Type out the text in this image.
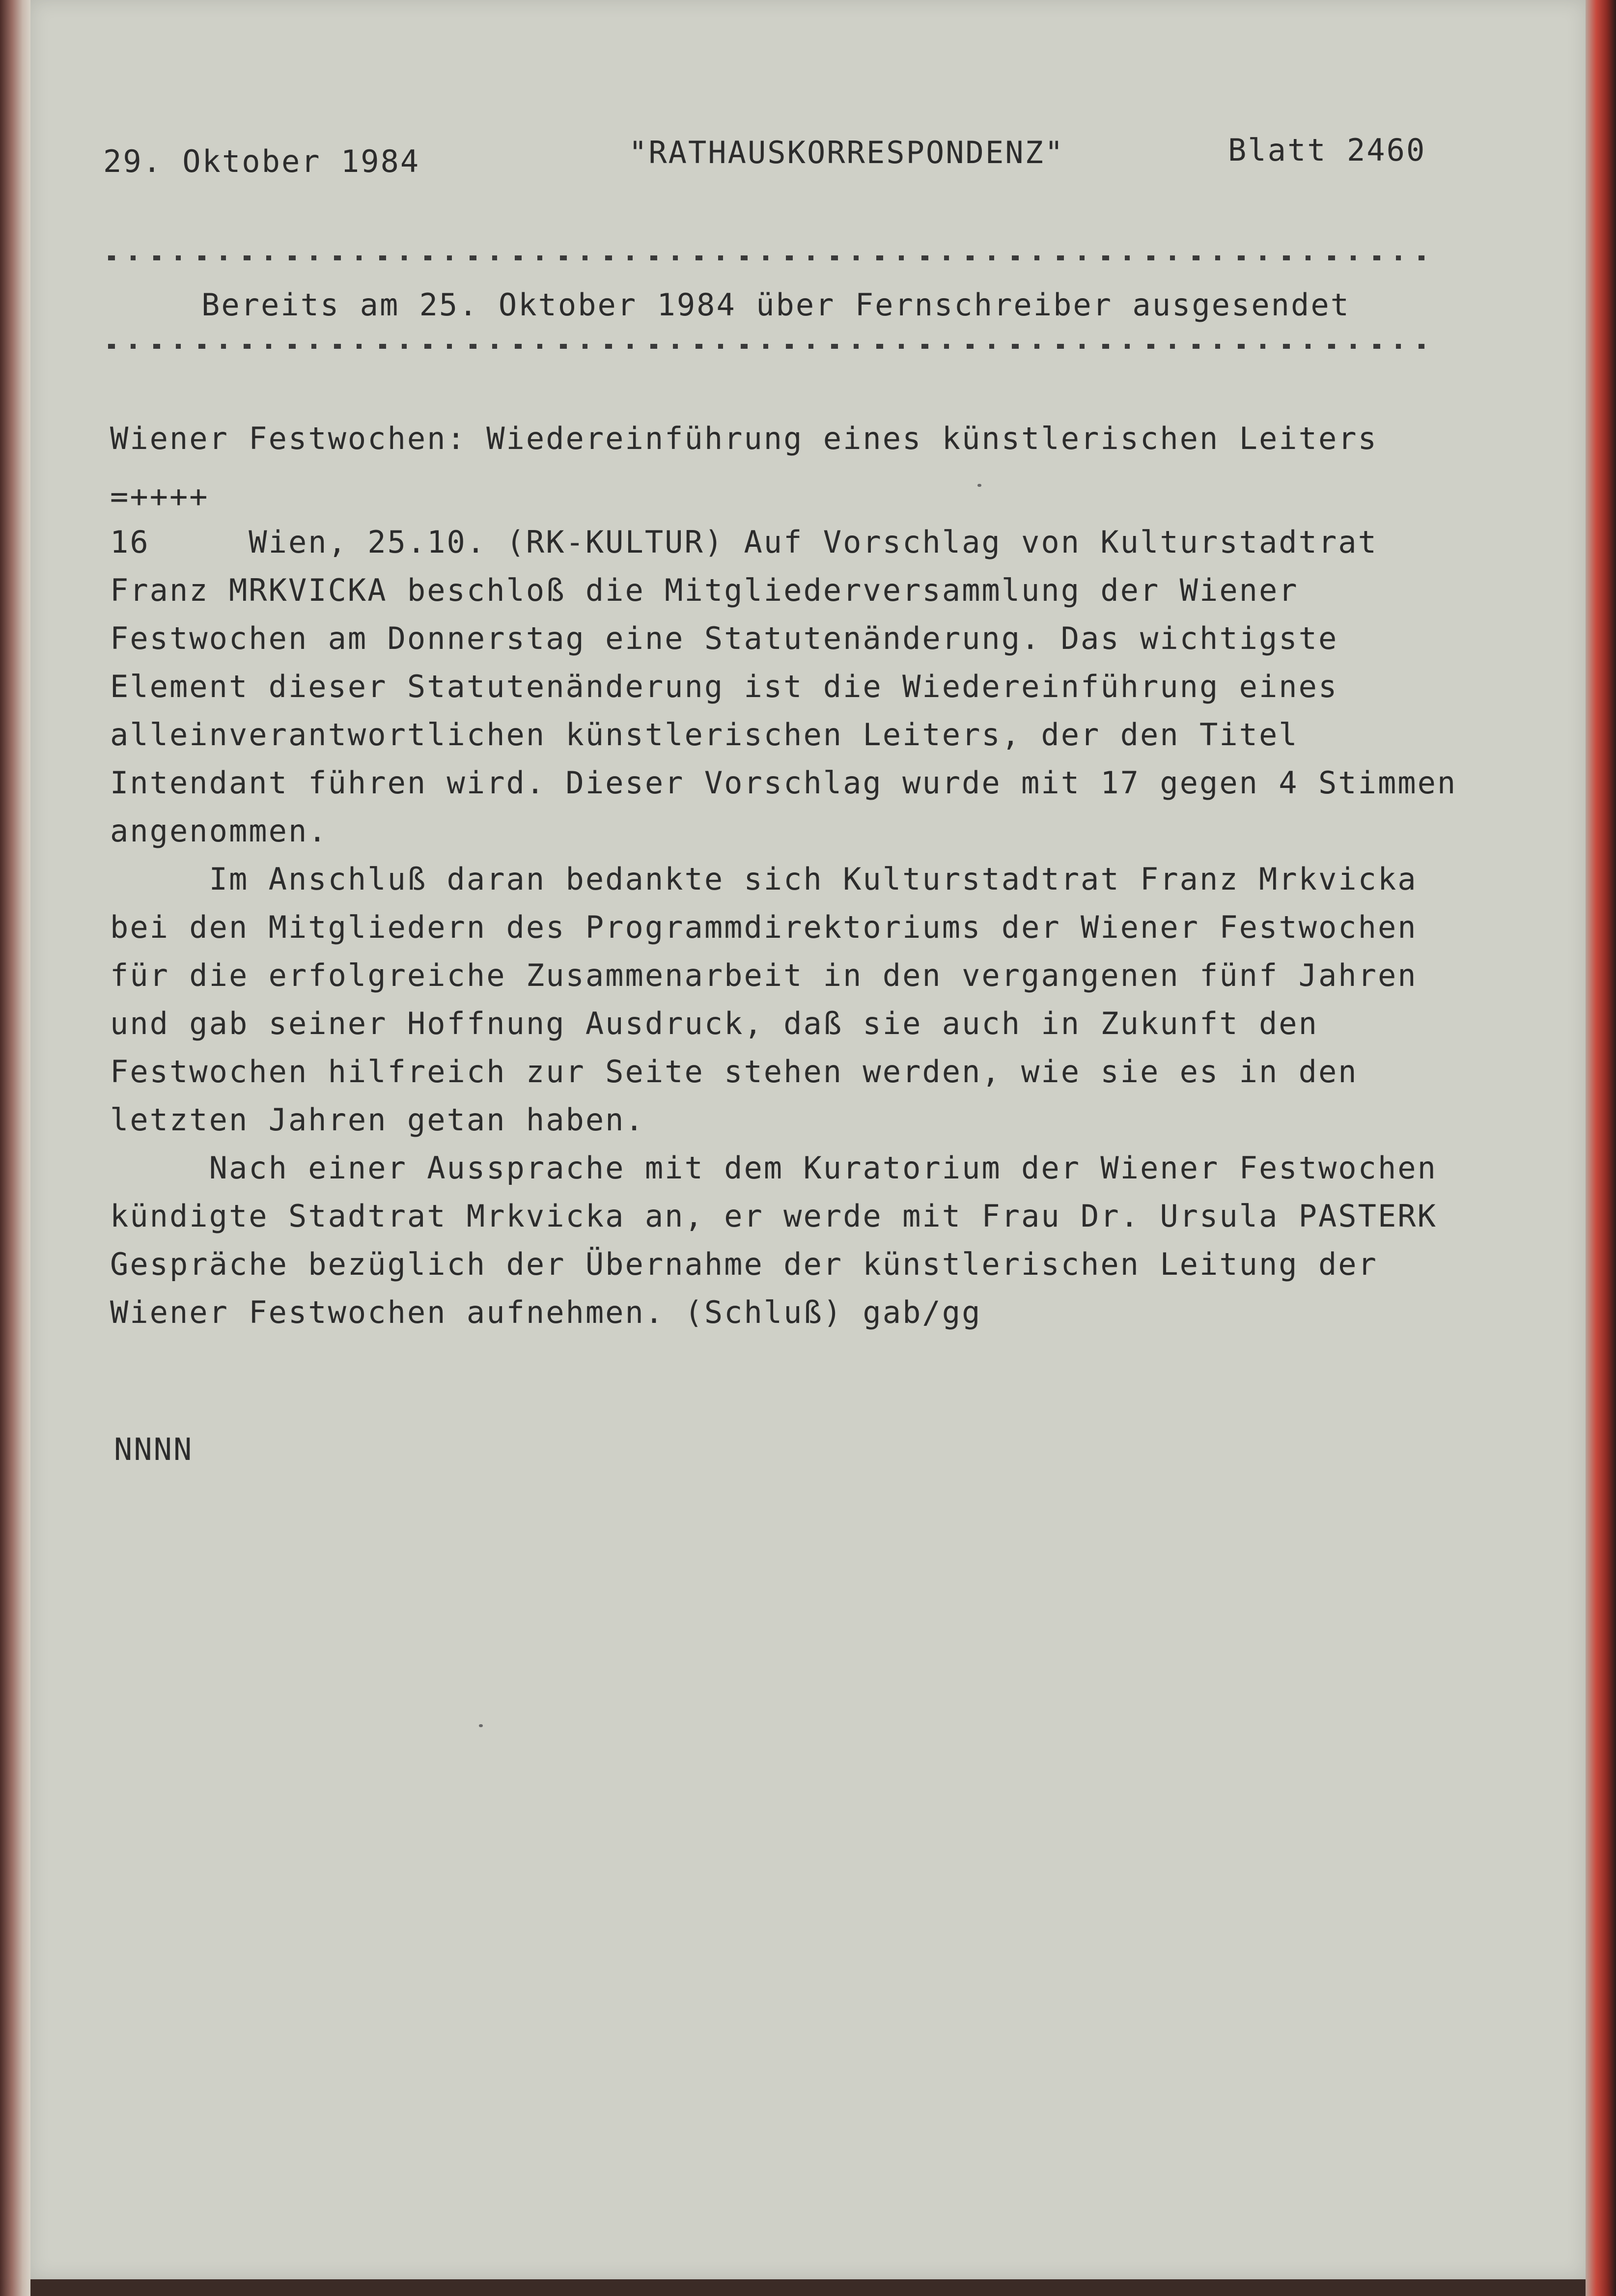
29. Oktober 1984	"RATHAUSKORRESPONDENZ"	Blatt 2460
Bereits am 25. Oktober 1984 über Fernschreiber ausgesendet
Wiener Festwochen: Wiedereinführung eines künstlerischen Leiters
=++++
16     Wien, 25.10. (RK-KULTUR) Auf Vorschlag von Kulturstadtrat
Franz MRKVICKA beschloß die Mitgliederversammlung der Wiener
Festwochen am Donnerstag eine Statutenänderung. Das wichtigste
Element dieser Statutenänderung ist die Wiedereinführung eines
alleinverantwortlichen künstlerischen Leiters, der den Titel
Intendant führen wird. Dieser Vorschlag wurde mit 17 gegen 4 Stimmen
angenommen.
Im Anschluß daran bedankte sich Kulturstadtrat Franz Mrkvicka
bei den Mitgliedern des Programmdirektoriums der Wiener Festwochen
für die erfolgreiche Zusammenarbeit in den vergangenen fünf Jahren
und gab seiner Hoffnung Ausdruck, daß sie auch in Zukunft den
Festwochen hilfreich zur Seite stehen werden, wie sie es in den
letzten Jahren getan haben.
Nach einer Aussprache mit dem Kuratorium der Wiener Festwochen
kündigte Stadtrat Mrkvicka an, er werde mit Frau Dr. Ursula PASTERK
Gespräche bezüglich der Übernahme der künstlerischen Leitung der
Wiener Festwochen aufnehmen. (Schluß) gab/gg
NNNN
